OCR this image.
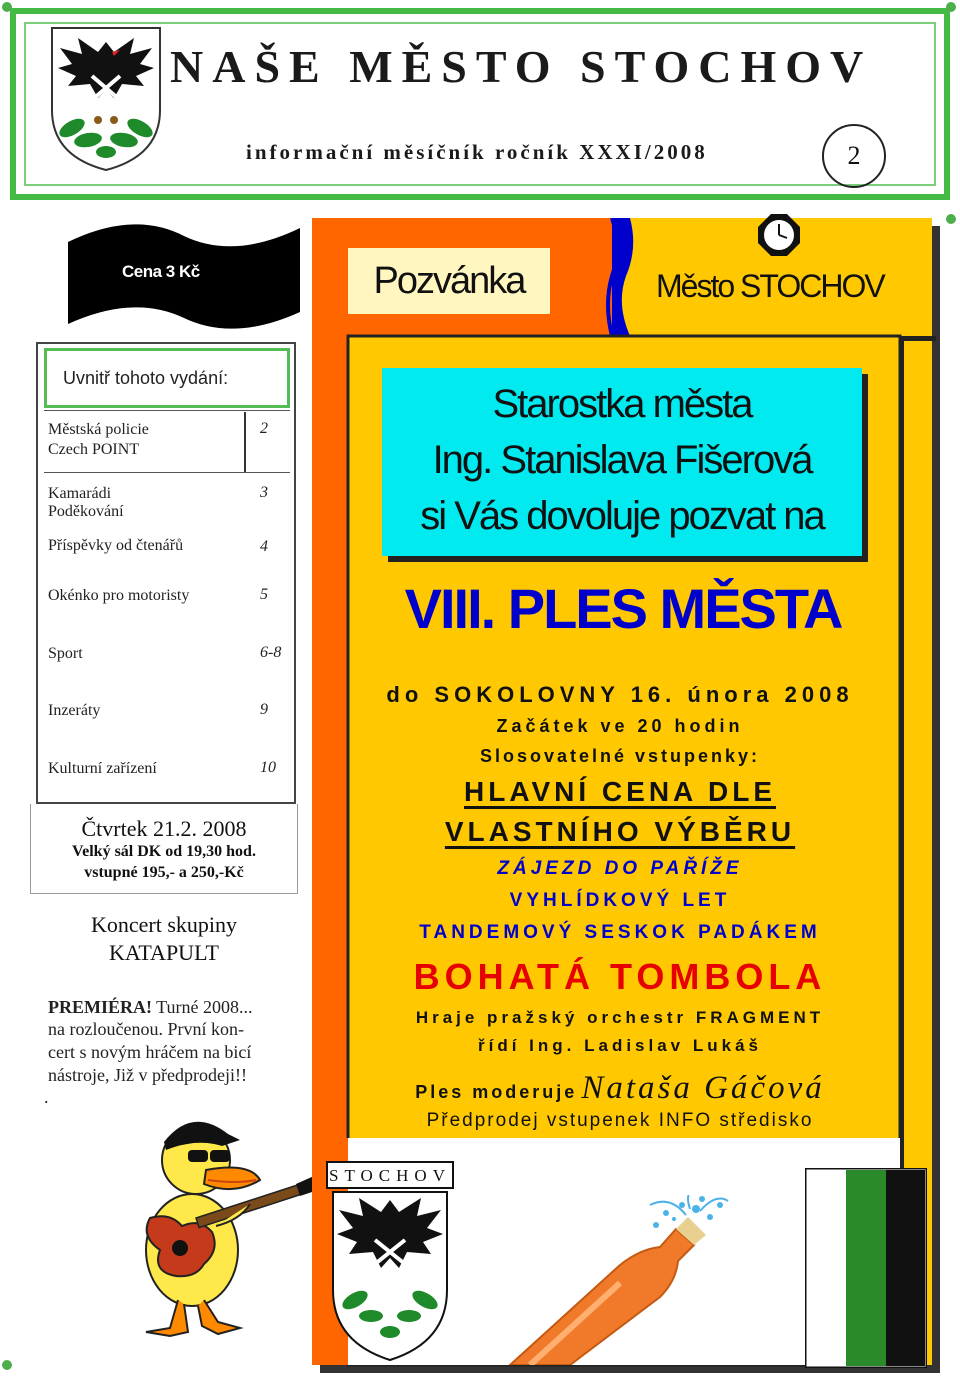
NAŠE MĚSTO STOCHOV
informační měsíčník ročník XXXI/2008	2
Cena 3 Kč
Uvnitř tohoto vydání:
Městská policie	2
Czech POINT
Kamarádi	3
Poděkování
Příspěvky od čtenářů	4
Okénko pro motoristy	5
Sport	6-8
Inzeráty	9
Kulturní zařízení	10
Čtvrtek 21.2. 2008
Velký sál DK od 19,30 hod.
vstupné 195,- a 250,-Kč
Koncert skupiny
KATAPULT
PREMIÉRA! Turné 2008...
na rozloučenou. První kon-
cert s novým hráčem na bicí
nástroje, Již v předprodeji!!
.
Pozvánka	Město STOCHOV
Starostka města
Ing. Stanislava Fišerová
si Vás dovoluje pozvat na
VIII. PLES MĚSTA
do SOKOLOVNY 16. února 2008
Začátek ve 20 hodin
Slosovatelné vstupenky:
HLAVNÍ CENA DLE
VLASTNÍHO VÝBĚRU
ZÁJEZD DO PAŘÍŽE
VYHLÍDKOVÝ LET
TANDEMOVÝ SESKOK PADÁKEM
BOHATÁ TOMBOLA
Hraje pražský orchestr FRAGMENT
řídí Ing. Ladislav Lukáš
Ples moderuje Nataša Gáčová
Předprodej vstupenek INFO středisko
STOCHOV
